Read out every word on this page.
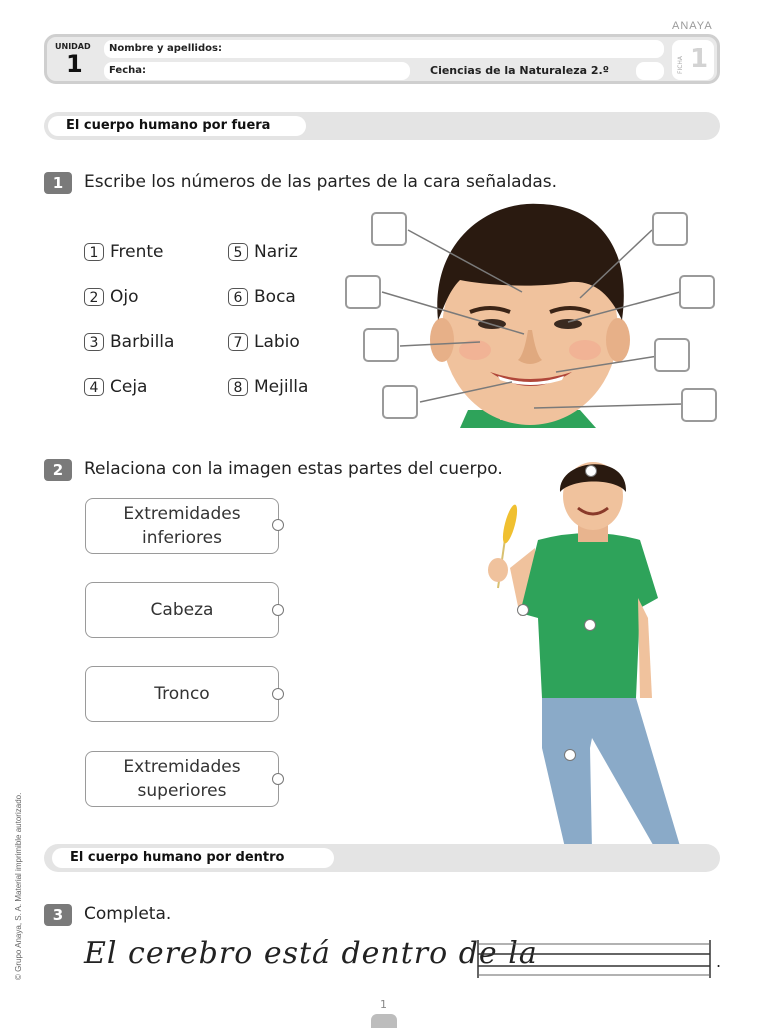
ANAYA
UNIDAD
1
Nombre y apellidos:
Fecha:	Ciencias de la Naturaleza 2.º	FICHA 1
El cuerpo humano por fuera
1	Escribe los números de las partes de la cara señaladas.
1 Frente
2 Ojo
3 Barbilla
4 Ceja
5 Nariz
6 Boca
7 Labio
8 Mejilla
2	Relaciona con la imagen estas partes del cuerpo.
Extremidades
inferiores
Cabeza
Tronco
Extremidades
superiores
El cuerpo humano por dentro
3	Completa.
El cerebro está dentro de la	.
© Grupo Anaya, S. A. Material imprimible autorizado.
1
